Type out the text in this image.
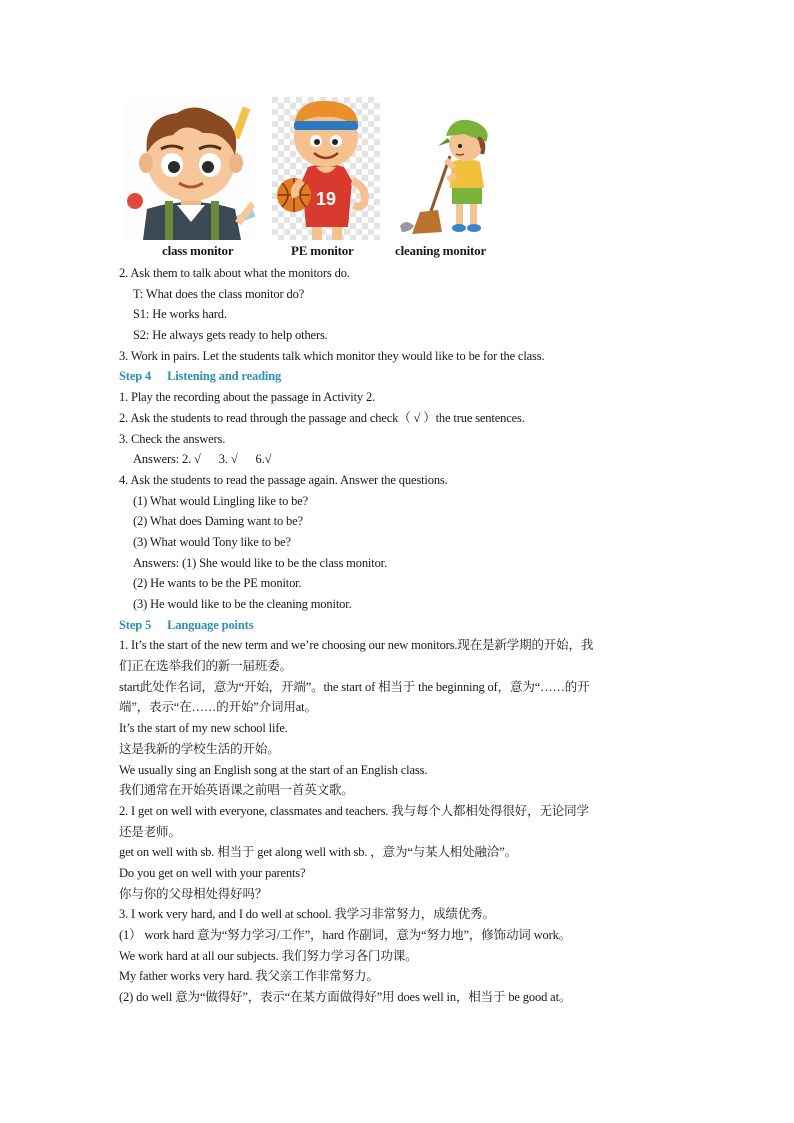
19
class monitor	PE monitor	cleaning monitor
2. Ask them to talk about what the monitors do.
T: What does the class monitor do?
S1: He works hard.
S2: He always gets ready to help others.
3. Work in pairs. Let the students talk which monitor they would like to be for the class.
Step 4 Listening and reading
1. Play the recording about the passage in Activity 2.
2. Ask the students to read through the passage and check（ √ ）the true sentences.
3. Check the answers.
Answers: 2. √ 3. √ 6.√
4. Ask the students to read the passage again. Answer the questions.
(1) What would Lingling like to be?
(2) What does Daming want to be?
(3) What would Tony like to be?
Answers: (1) She would like to be the class monitor.
(2) He wants to be the PE monitor.
(3) He would like to be the cleaning monitor.
Step 5 Language points
1. It’s the start of the new term and we’re choosing our new monitors.现在是新学期的开始，我
们正在选举我们的新一届班委。
start此处作名词，意为“开始，开端”。the start of 相当于 the beginning of，意为“……的开
端”，表示“在……的开始”介词用at。
It’s the start of my new school life.
这是我新的学校生活的开始。
We usually sing an English song at the start of an English class.
我们通常在开始英语课之前唱一首英文歌。
2. I get on well with everyone, classmates and teachers. 我与每个人都相处得很好，无论同学
还是老师。
get on well with sb. 相当于 get along well with sb. ，意为“与某人相处融洽”。
Do you get on well with your parents?
你与你的父母相处得好吗？
3. I work very hard, and I do well at school. 我学习非常努力，成绩优秀。
(1） work hard 意为“努力学习/工作”，hard 作副词，意为“努力地”，修饰动词 work。
We work hard at all our subjects. 我们努力学习各门功课。
My father works very hard. 我父亲工作非常努力。
(2) do well 意为“做得好”，表示“在某方面做得好”用 does well in，相当于 be good at。
